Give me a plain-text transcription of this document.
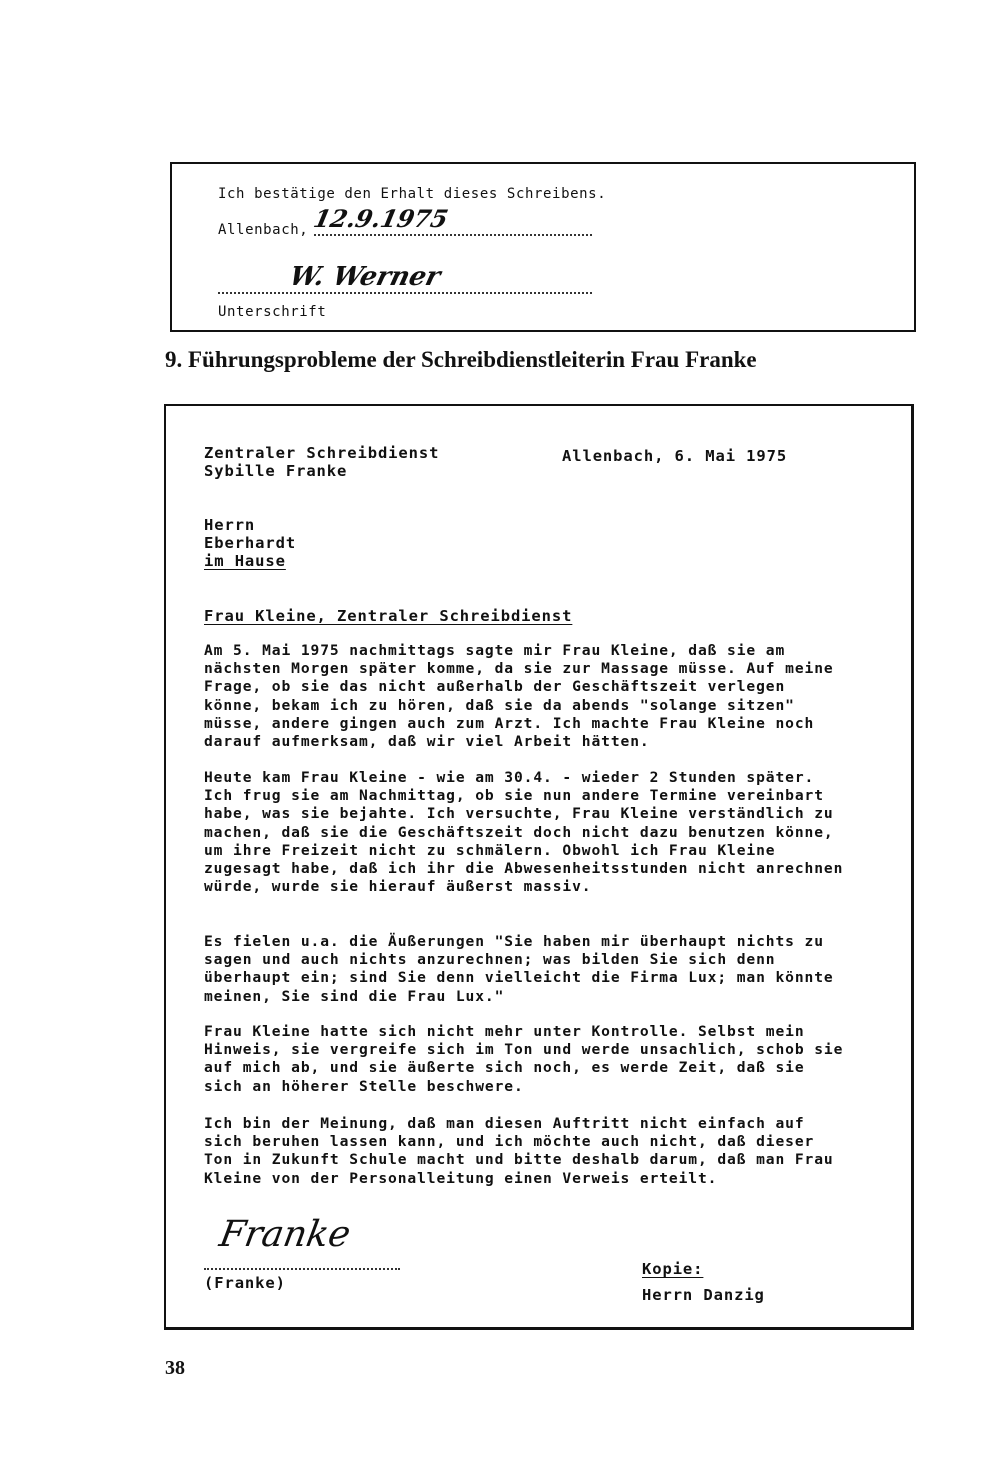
Ich bestätige den Erhalt dieses Schreibens.
Allenbach, 12.9.1975
W. Werner
Unterschrift
9. Führungsprobleme der Schreibdienstleiterin Frau Franke
Zentraler Schreibdienst
Sybille Franke
Allenbach, 6. Mai 1975
Herrn
Eberhardt
im Hause
Frau Kleine, Zentraler Schreibdienst

Am 5. Mai 1975 nachmittags sagte mir Frau Kleine, daß sie am nächsten Morgen später komme, da sie zur Massage müsse. Auf meine Frage, ob sie das nicht außerhalb der Geschäftszeit verlegen könne, bekam ich zu hören, daß sie da abends "solange sitzen" müsse, andere gingen auch zum Arzt. Ich machte Frau Kleine noch darauf aufmerksam, daß wir viel Arbeit hätten.

Heute kam Frau Kleine - wie am 30.4. - wieder 2 Stunden später. Ich frug sie am Nachmittag, ob sie nun andere Termine vereinbart habe, was sie bejahte. Ich versuchte, Frau Kleine verständlich zu machen, daß sie die Geschäftszeit doch nicht dazu benutzen könne, um ihre Freizeit nicht zu schmälern. Obwohl ich Frau Kleine zugesagt habe, daß ich ihr die Abwesenheitsstunden nicht anrechnen würde, wurde sie hierauf äußerst massiv.

Es fielen u.a. die Äußerungen "Sie haben mir überhaupt nichts zu sagen und auch nichts anzurechnen; was bilden Sie sich denn überhaupt ein; sind Sie denn vielleicht die Firma Lux; man könnte meinen, Sie sind die Frau Lux."

Frau Kleine hatte sich nicht mehr unter Kontrolle. Selbst mein Hinweis, sie vergreife sich im Ton und werde unsachlich, schob sie auf mich ab, und sie äußerte sich noch, es werde Zeit, daß sie sich an höherer Stelle beschwere.

Ich bin der Meinung, daß man diesen Auftritt nicht einfach auf sich beruhen lassen kann, und ich möchte auch nicht, daß dieser Ton in Zukunft Schule macht und bitte deshalb darum, daß man Frau Kleine von der Personalleitung einen Verweis erteilt.

Franke
(Franke)
Kopie:
Herrn Danzig
38
